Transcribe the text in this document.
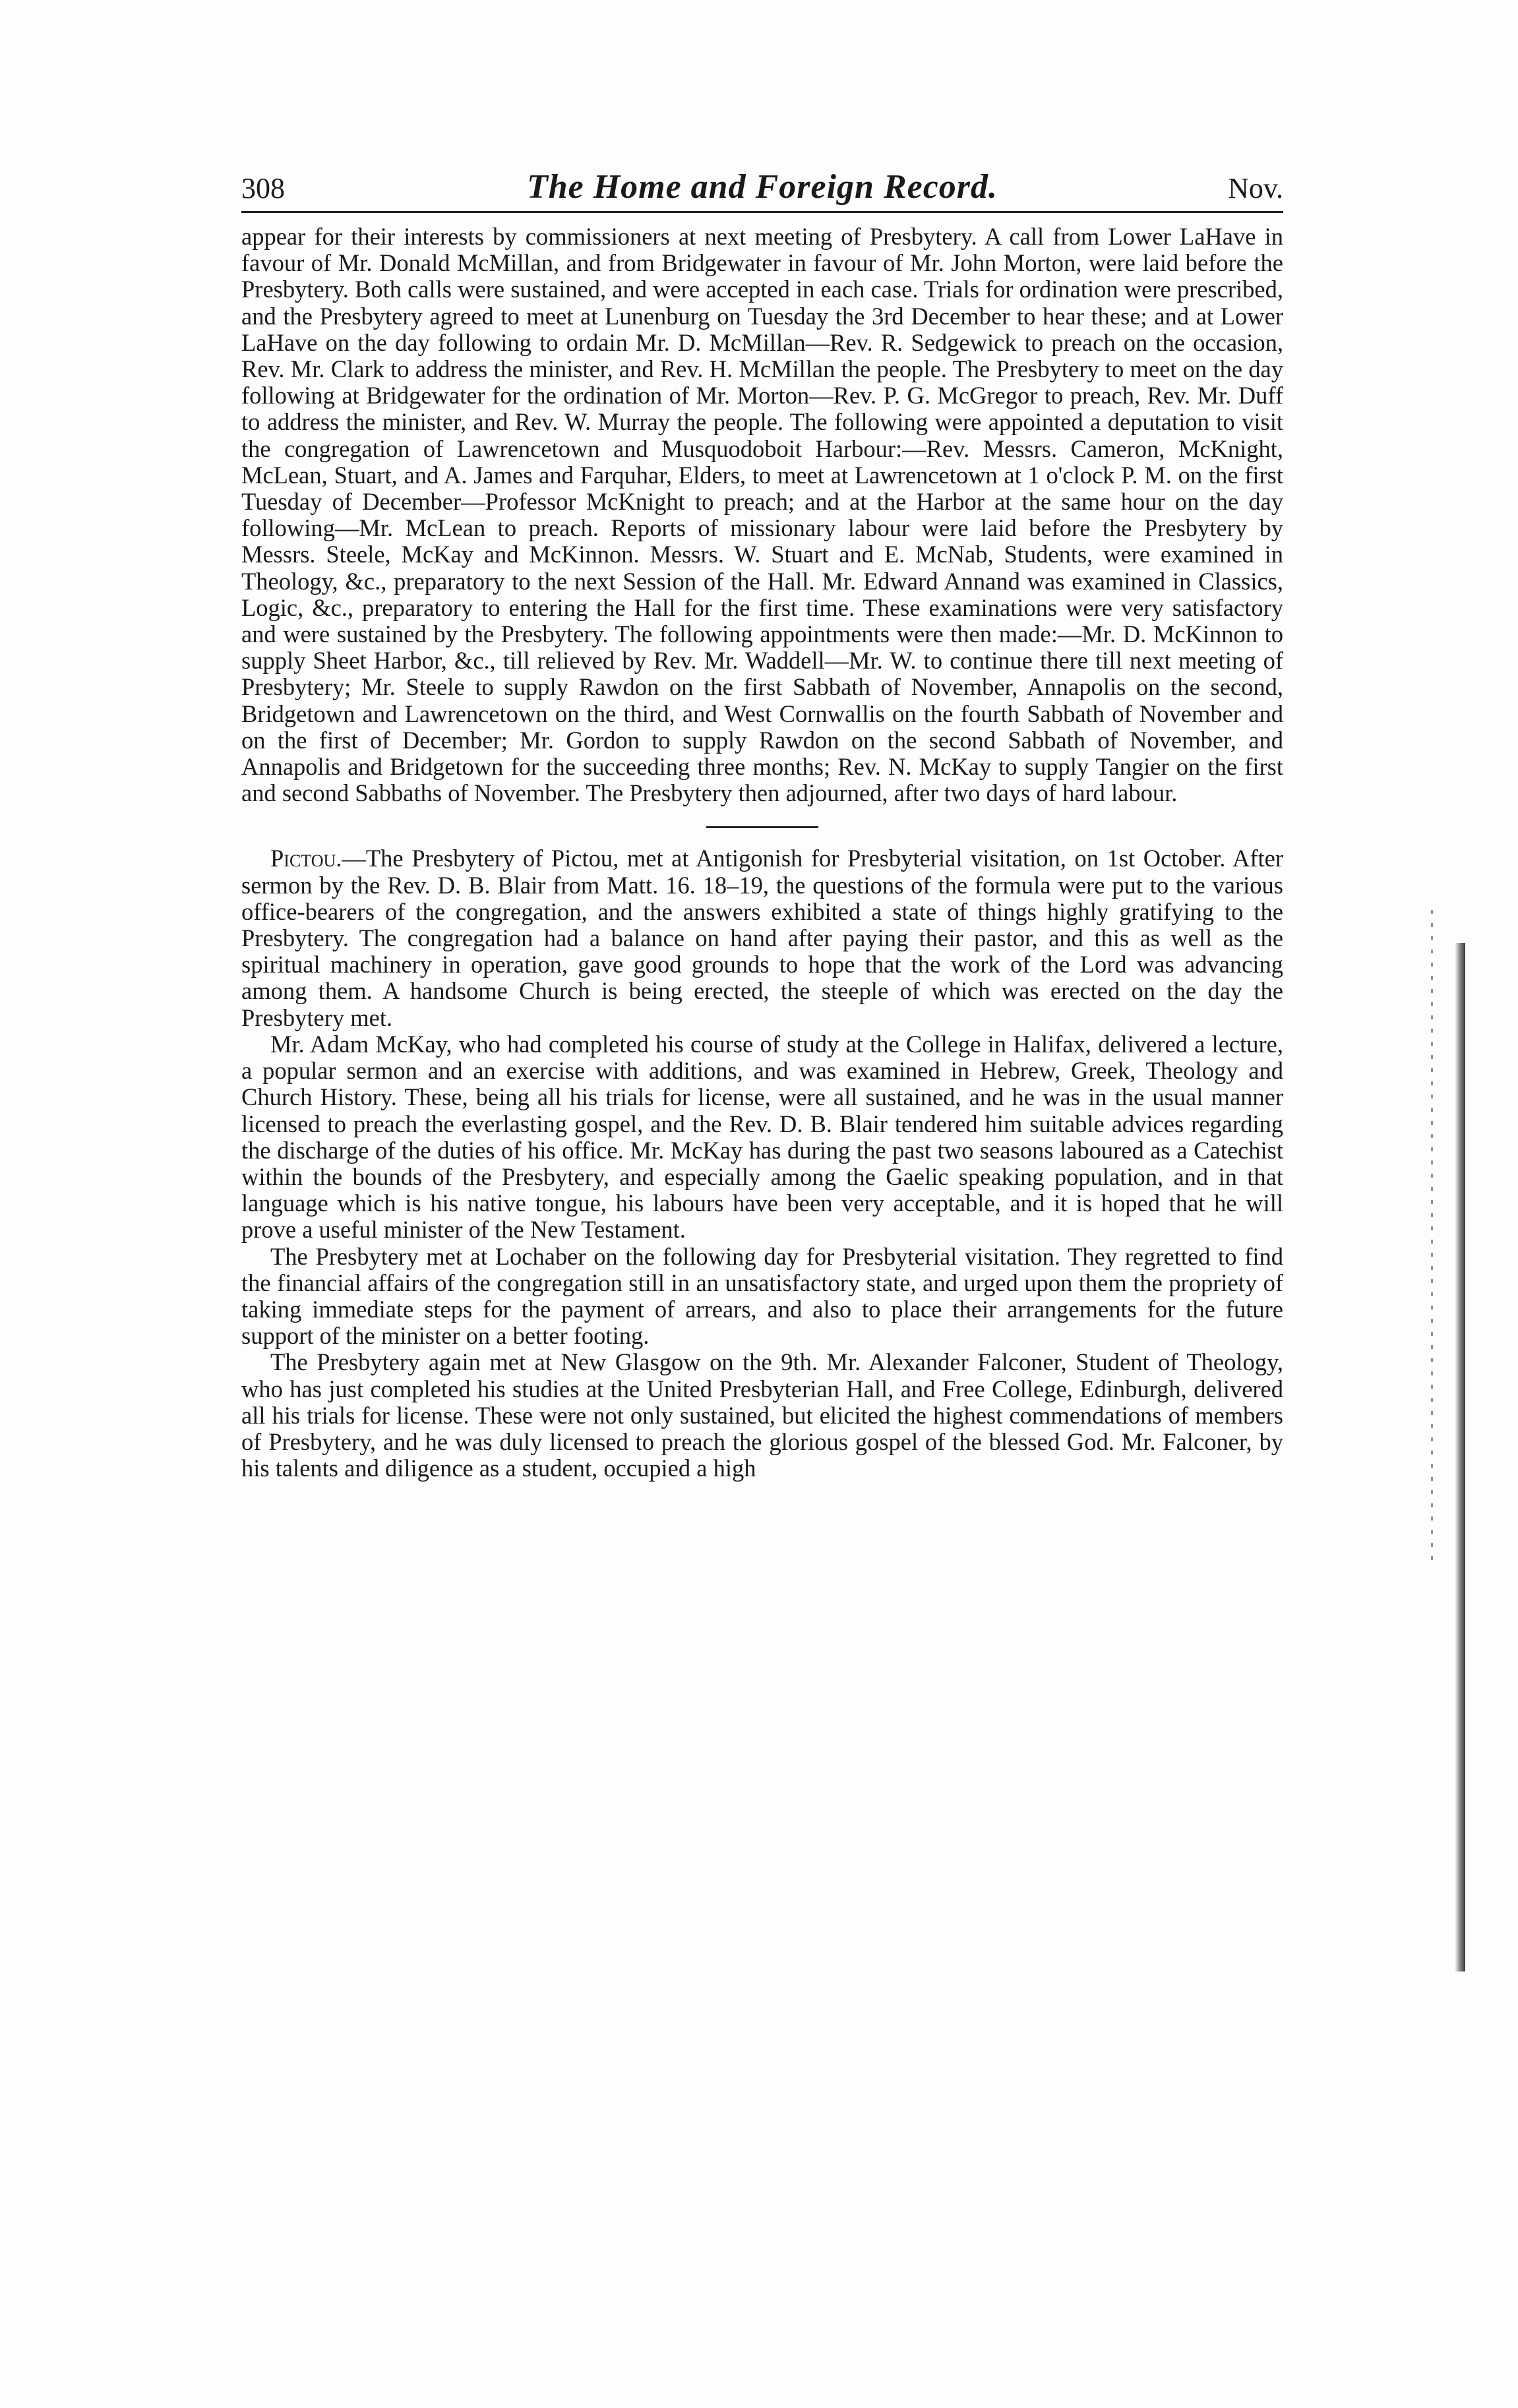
308	The Home and Foreign Record.	Nov.

appear for their interests by commissioners at next meeting of Presbytery. A call from Lower LaHave in favour of Mr. Donald McMillan, and from Bridgewater in favour of Mr. John Morton, were laid before the Presbytery. Both calls were sustained, and were accepted in each case. Trials for ordination were prescribed, and the Presbytery agreed to meet at Lunenburg on Tuesday the 3rd December to hear these; and at Lower LaHave on the day following to ordain Mr. D. McMillan—Rev. R. Sedgewick to preach on the occasion, Rev. Mr. Clark to address the minister, and Rev. H. McMillan the people. The Presbytery to meet on the day following at Bridgewater for the ordination of Mr. Morton—Rev. P. G. McGregor to preach, Rev. Mr. Duff to address the minister, and Rev. W. Murray the people. The following were appointed a deputation to visit the congregation of Lawrencetown and Musquodoboit Harbour:—Rev. Messrs. Cameron, McKnight, McLean, Stuart, and A. James and Farquhar, Elders, to meet at Lawrencetown at 1 o'clock P. M. on the first Tuesday of December—Professor McKnight to preach; and at the Harbor at the same hour on the day following—Mr. McLean to preach. Reports of missionary labour were laid before the Presbytery by Messrs. Steele, McKay and McKinnon. Messrs. W. Stuart and E. McNab, Students, were examined in Theology, &c., preparatory to the next Session of the Hall. Mr. Edward Annand was examined in Classics, Logic, &c., preparatory to entering the Hall for the first time. These examinations were very satisfactory and were sustained by the Presbytery. The following appointments were then made:—Mr. D. McKinnon to supply Sheet Harbor, &c., till relieved by Rev. Mr. Waddell—Mr. W. to continue there till next meeting of Presbytery; Mr. Steele to supply Rawdon on the first Sabbath of November, Annapolis on the second, Bridgetown and Lawrencetown on the third, and West Cornwallis on the fourth Sabbath of November and on the first of December; Mr. Gordon to supply Rawdon on the second Sabbath of November, and Annapolis and Bridgetown for the succeeding three months; Rev. N. McKay to supply Tangier on the first and second Sabbaths of November. The Presbytery then adjourned, after two days of hard labour.

Pictou.—The Presbytery of Pictou, met at Antigonish for Presbyterial visitation, on 1st October. After sermon by the Rev. D. B. Blair from Matt. 16. 18–19, the questions of the formula were put to the various office-bearers of the congregation, and the answers exhibited a state of things highly gratifying to the Presbytery. The congregation had a balance on hand after paying their pastor, and this as well as the spiritual machinery in operation, gave good grounds to hope that the work of the Lord was advancing among them. A handsome Church is being erected, the steeple of which was erected on the day the Presbytery met.

Mr. Adam McKay, who had completed his course of study at the College in Halifax, delivered a lecture, a popular sermon and an exercise with additions, and was examined in Hebrew, Greek, Theology and Church History. These, being all his trials for license, were all sustained, and he was in the usual manner licensed to preach the everlasting gospel, and the Rev. D. B. Blair tendered him suitable advices regarding the discharge of the duties of his office. Mr. McKay has during the past two seasons laboured as a Catechist within the bounds of the Presbytery, and especially among the Gaelic speaking population, and in that language which is his native tongue, his labours have been very acceptable, and it is hoped that he will prove a useful minister of the New Testament.

The Presbytery met at Lochaber on the following day for Presbyterial visitation. They regretted to find the financial affairs of the congregation still in an unsatisfactory state, and urged upon them the propriety of taking immediate steps for the payment of arrears, and also to place their arrangements for the future support of the minister on a better footing.

The Presbytery again met at New Glasgow on the 9th. Mr. Alexander Falconer, Student of Theology, who has just completed his studies at the United Presbyterian Hall, and Free College, Edinburgh, delivered all his trials for license. These were not only sustained, but elicited the highest commendations of members of Presbytery, and he was duly licensed to preach the glorious gospel of the blessed God. Mr. Falconer, by his talents and diligence as a student, occupied a high
